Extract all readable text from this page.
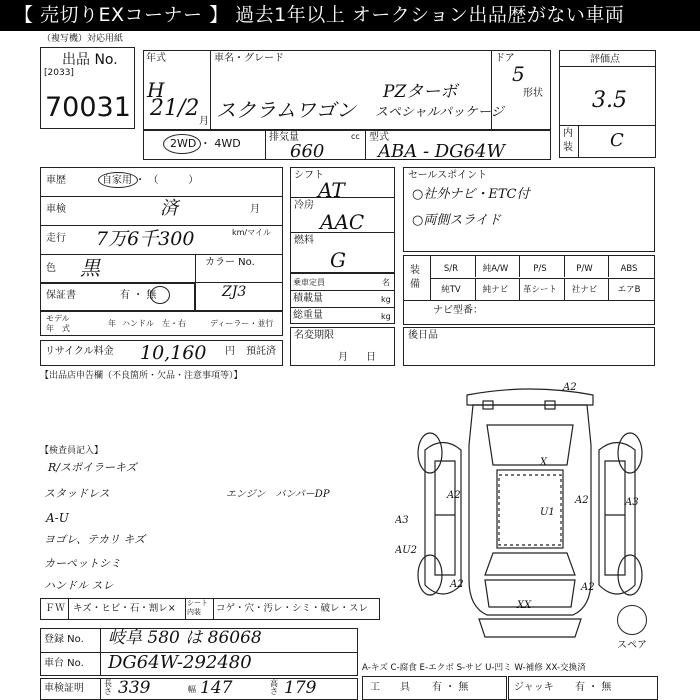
【 売切りEXコーナー 】 過去1年以上 オークション出品歴がない車両
（複写機）対応用紙
出品 No.
[2033]
70031
年式
H
21/2
月
車名・グレード
スクラムワゴン
PZターボ
スペシャルパッケージ
ドア
5
形状
評価点
3.5
内
装 C
2WD ・ 4WD	排気量	cc
660
型式
ABA - DG64W
車歴	自家用 ・ （　　　）
車検	済	月
走行 7万6千300	km/マイル
色 黒	カラー No.
ZJ3
保証書	有 ・ 無
モデル
年　式
年 ハンドル　左・右	ディーラー・並行
シフト
AT
冷房
AAC
燃料
G
乗車定員	名
積載量	kg
総重量	kg
セールスポイント
○社外ナビ・ETC付
○両側スライド
装備
S/R	純A/W	P/S	P/W	ABS
純TV	純ナビ	革シート	社ナビ	エアB
ナビ型番：
リサイクル料金 10,160 円 預託済
名変期限
月日
後日品
【出品店申告欄（不良箇所・欠品・注意事項等）】
【検査員記入】
R/スポイラーキズ
スタッドレス
A-U
ヨゴレ、テカリ キズ
カーペットシミ
ハンドル スレ
エンジン　バンパーDP
ＦＷ キズ・ヒビ・石・割レ× シート
内装	コゲ・穴・汚レ・シミ・破レ・スレ
登録 No. 岐阜 580 は 86068
車台 No. DG64W-292480
車検証明	長さ 339	幅 147	高さ 179
A-キズ C-腐食 E-エクボ S-サビ U-凹ミ W-補修 XX-交換済
工　　具 有 ・ 無	ジャッキ 有 ・ 無
A2
X
U1
A2	A2
A3
A3
AU2
A2
XX
A2
スペア
